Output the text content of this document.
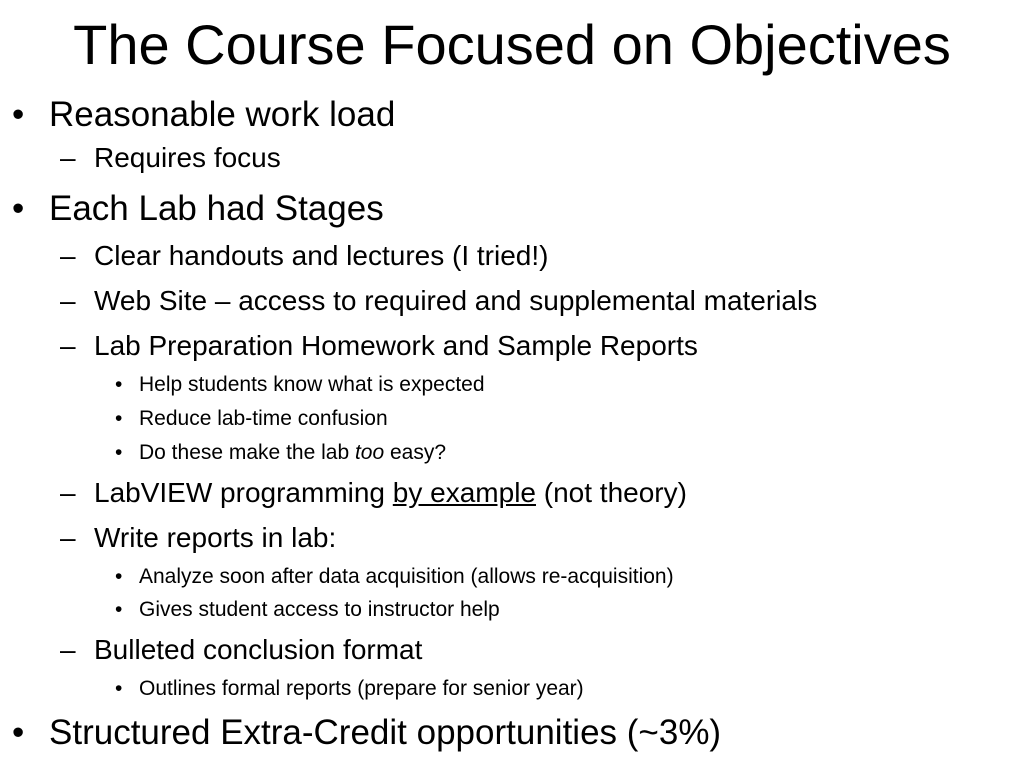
The Course Focused on Objectives
• Reasonable work load
– Requires focus
• Each Lab had Stages
– Clear handouts and lectures (I tried!)
– Web Site – access to required and supplemental materials
– Lab Preparation Homework and Sample Reports
• Help students know what is expected
• Reduce lab-time confusion
• Do these make the lab too easy?
– LabVIEW programming by example (not theory)
– Write reports in lab:
• Analyze soon after data acquisition (allows re-acquisition)
• Gives student access to instructor help
– Bulleted conclusion format
• Outlines formal reports (prepare for senior year)
• Structured Extra-Credit opportunities (~3%)
